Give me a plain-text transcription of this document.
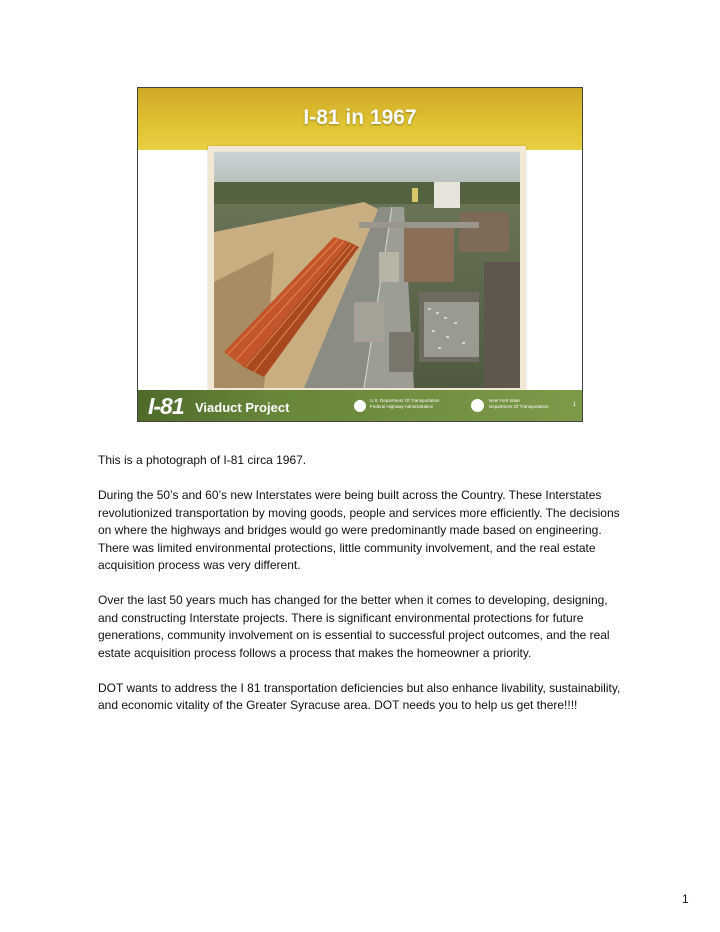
I-81 in 1967
I-81 Viaduct Project	U.S. Department Of Transportation
Federal Highway Administration
New York State
Department Of Transportation	1

This is a photograph of I-81 circa 1967.

During the 50’s and 60’s new Interstates were being built across the Country. These Interstates revolutionized transportation by moving goods, people and services more efficiently. The decisions on where the highways and bridges would go were predominantly made based on engineering. There was limited environmental protections, little community involvement, and the real estate acquisition process was very different.

Over the last 50 years much has changed for the better when it comes to developing, designing, and constructing Interstate projects. There is significant environmental protections for future generations, community involvement on is essential to successful project outcomes, and the real estate acquisition process follows a process that makes the homeowner a priority.

DOT wants to address the I 81 transportation deficiencies but also enhance livability, sustainability, and economic vitality of the Greater Syracuse area. DOT needs you to help us get there!!!!

1
